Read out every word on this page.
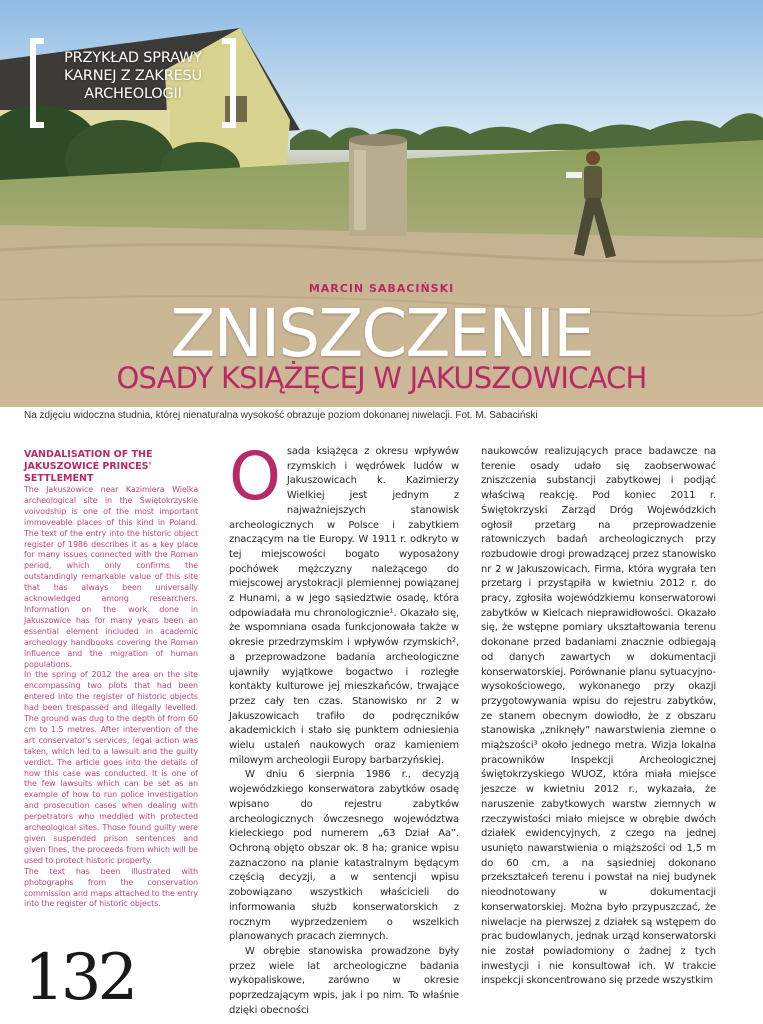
PRZYKŁAD SPRAWY KARNEJ Z ZAKRESU ARCHEOLOGII
MARCIN SABACIŃSKI
ZNISZCZENIE
OSADY KSIĄŻĘCEJ W JAKUSZOWICACH
Na zdjęciu widoczna studnia, której nienaturalna wysokość obrazuje poziom dokonanej niwelacji. Fot. M. Sabaciński
VANDALISATION OF THE JAKUSZOWICE PRINCES' SETTLEMENT

The Jakuszowice near Kazimiera Wielka archeological site in the Świętokrzyskie voivodship is one of the most important immoveable places of this kind in Poland. The text of the entry into the historic object register of 1986 describes it as a key place for many issues connected with the Roman period, which only confirms the outstandingly remarkable value of this site that has always been universally acknowledged among researchers. Information on the work done in Jakuszowice has for many years been an essential element included in academic archeology handbooks covering the Roman influence and the migration of human populations.

In the spring of 2012 the area on the site encompassing two plots that had been entered into the register of historic objects had been trespassed and illegally levelled. The ground was dug to the depth of from 60 cm to 1.5 metres. After intervention of the art conservator's services, legal action was taken, which led to a lawsuit and the guilty verdict. The article goes into the details of how this case was conducted. It is one of the few lawsuits which can be set as an example of how to run police investigation and prosecution cases when dealing with perpetrators who meddled with protected archeological sites. Those found guilty were given suspended prison sentences and given fines, the proceeds from which will be used to protect historic property.

The text has been illustrated with photographs from the conservation commission and maps attached to the entry into the register of historic objects.

O sada książęca z okresu wpływów rzymskich i wędrówek ludów w Jakuszowicach k. Kazimierzy Wielkiej jest jednym z najważniejszych stanowisk archeologicznych w Polsce i zabytkiem znaczącym na tle Europy. W 1911 r. odkryto w tej miejscowości bogato wyposażony pochówek mężczyzny należącego do miejscowej arystokracji plemiennej powiązanej z Hunami, a w jego sąsiedztwie osadę, która odpowiadała mu chronologicznie¹. Okazało się, że wspomniana osada funkcjonowała także w okresie przedrzymskim i wpływów rzymskich², a przeprowadzone badania archeologiczne ujawniły wyjątkowe bogactwo i rozległe kontakty kulturowe jej mieszkańców, trwające przez cały ten czas. Stanowisko nr 2 w Jakuszowicach trafiło do podręczników akademickich i stało się punktem odniesienia wielu ustaleń naukowych oraz kamieniem milowym archeologii Europy barbarzyńskiej.

W dniu 6 sierpnia 1986 r., decyzją wojewódzkiego konserwatora zabytków osadę wpisano do rejestru zabytków archeologicznych ówczesnego województwa kieleckiego pod numerem „63 Dział Aa”. Ochroną objęto obszar ok. 8 ha; granice wpisu zaznaczono na planie katastralnym będącym częścią decyzji, a w sentencji wpisu zobowiązano wszystkich właścicieli do informowania służb konserwatorskich z rocznym wyprzedzeniem o wszelkich planowanych pracach ziemnych.

W obrębie stanowiska prowadzone były przez wiele lat archeologiczne badania wykopaliskowe, zarówno w okresie poprzedzającym wpis, jak i po nim. To właśnie dzięki obecności

naukowców realizujących prace badawcze na terenie osady udało się zaobserwować zniszczenia substancji zabytkowej i podjąć właściwą reakcję. Pod koniec 2011 r. Świętokrzyski Zarząd Dróg Wojewódzkich ogłosił przetarg na przeprowadzenie ratowniczych badań archeologicznych przy rozbudowie drogi prowadzącej przez stanowisko nr 2 w Jakuszowicach. Firma, która wygrała ten przetarg i przystąpiła w kwietniu 2012 r. do pracy, zgłosiła wojewódzkiemu konserwatorowi zabytków w Kielcach nieprawidłowości. Okazało się, że wstępne pomiary ukształtowania terenu dokonane przed badaniami znacznie odbiegają od danych zawartych w dokumentacji konserwatorskiej. Porównanie planu sytuacyjno-wysokościowego, wykonanego przy okazji przygotowywania wpisu do rejestru zabytków, ze stanem obecnym dowiodło, że z obszaru stanowiska „zniknęły” nawarstwienia ziemne o miąższości³ około jednego metra. Wizja lokalna pracowników Inspekcji Archeologicznej świętokrzyskiego WUOZ, która miała miejsce jeszcze w kwietniu 2012 r., wykazała, że naruszenie zabytkowych warstw ziemnych w rzeczywistości miało miejsce w obrębie dwóch działek ewidencyjnych, z czego na jednej usunięto nawarstwienia o miąższości od 1,5 m do 60 cm, a na sąsiedniej dokonano przekształceń terenu i powstał na niej budynek nieodnotowany w dokumentacji konserwatorskiej. Można było przypuszczać, że niwelacje na pierwszej z działek są wstępem do prac budowlanych, jednak urząd konserwatorski nie został powiadomiony o żadnej z tych inwestycji i nie konsultował ich. W trakcie inspekcji skoncentrowano się przede wszystkim

132
